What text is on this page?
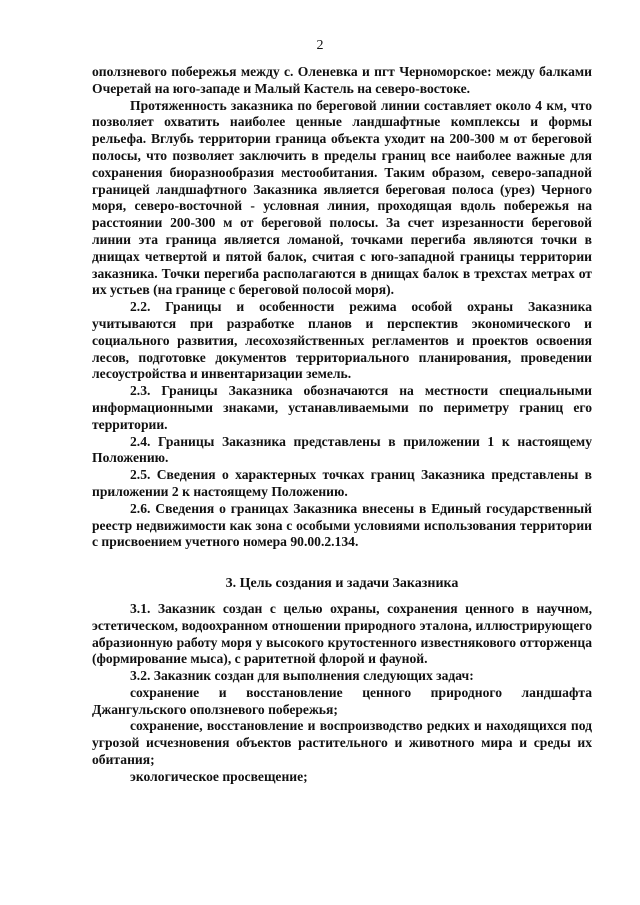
2

оползневого побережья между с. Оленевка и пгт Черноморское: между балками Очеретай на юго-западе и Малый Кастель на северо-востоке.

Протяженность заказника по береговой линии составляет около 4 км, что позволяет охватить наиболее ценные ландшафтные комплексы и формы рельефа. Вглубь территории граница объекта уходит на 200-300 м от береговой полосы, что позволяет заключить в пределы границ все наиболее важные для сохранения биоразнообразия местообитания. Таким образом, северо-западной границей ландшафтного Заказника является береговая полоса (урез) Черного моря, северо-восточной - условная линия, проходящая вдоль побережья на расстоянии 200-300 м от береговой полосы. За счет изрезанности береговой линии эта граница является ломаной, точками перегиба являются точки в днищах четвертой и пятой балок, считая с юго-западной границы территории заказника. Точки перегиба располагаются в днищах балок в трехстах метрах от их устьев (на границе с береговой полосой моря).

2.2. Границы и особенности режима особой охраны Заказника учитываются при разработке планов и перспектив экономического и социального развития, лесохозяйственных регламентов и проектов освоения лесов, подготовке документов территориального планирования, проведении лесоустройства и инвентаризации земель.

2.3. Границы Заказника обозначаются на местности специальными информационными знаками, устанавливаемыми по периметру границ его территории.

2.4. Границы Заказника представлены в приложении 1 к настоящему Положению.

2.5. Сведения о характерных точках границ Заказника представлены в приложении 2 к настоящему Положению.

2.6. Сведения о границах Заказника внесены в Единый государственный реестр недвижимости как зона с особыми условиями использования территории с присвоением учетного номера 90.00.2.134.

3. Цель создания и задачи Заказника

3.1. Заказник создан с целью охраны, сохранения ценного в научном, эстетическом, водоохранном отношении природного эталона, иллюстрирующего абразионную работу моря у высокого крутостенного известнякового отторженца (формирование мыса), с раритетной флорой и фауной.

3.2. Заказник создан для выполнения следующих задач:

сохранение и восстановление ценного природного ландшафта Джангульского оползневого побережья;

сохранение, восстановление и воспроизводство редких и находящихся под угрозой исчезновения объектов растительного и животного мира и среды их обитания;

экологическое просвещение;
